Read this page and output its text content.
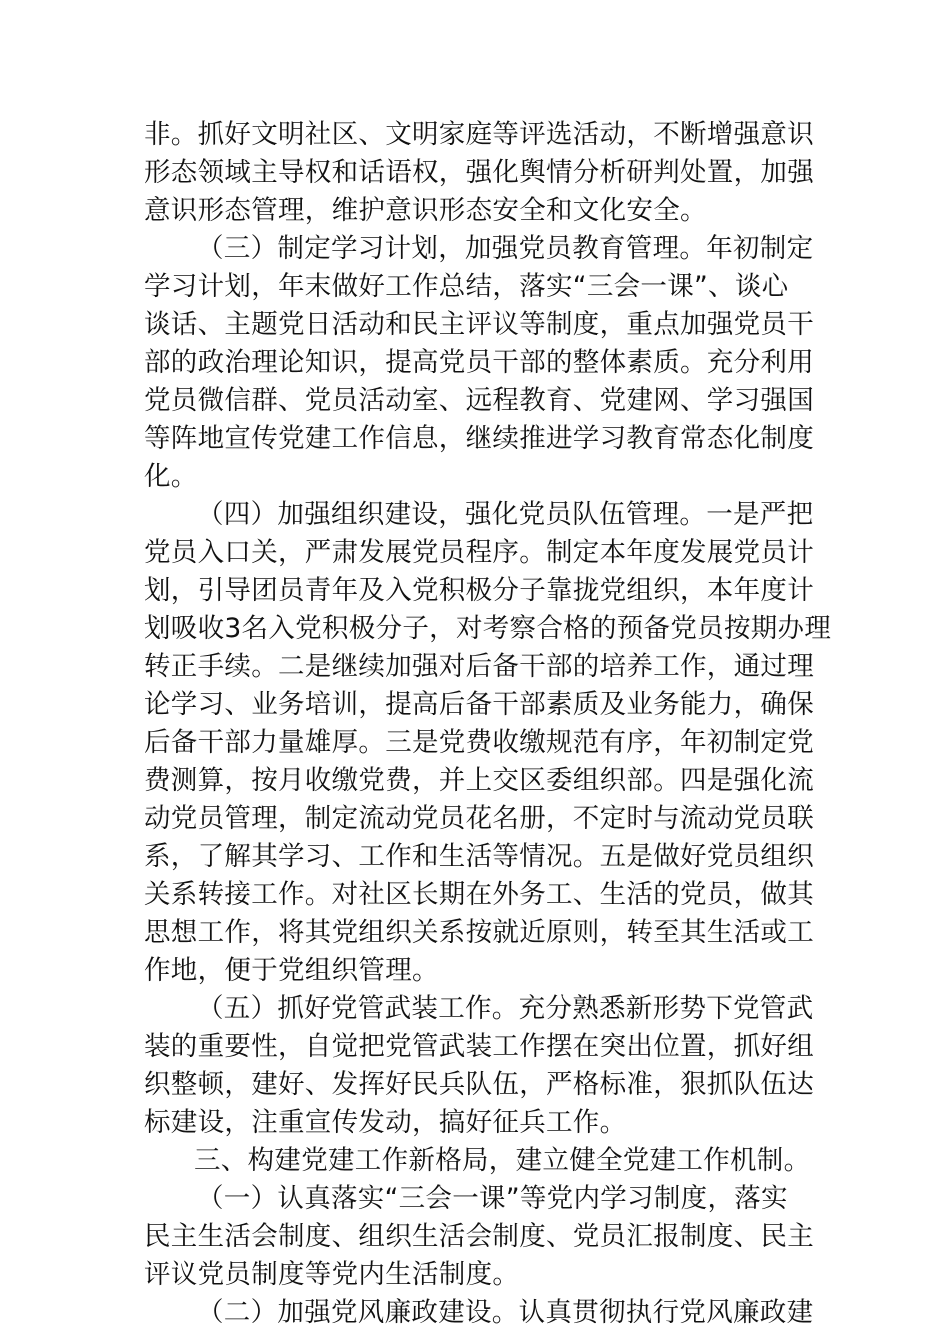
非。抓好文明社区、文明家庭等评选活动，不断增强意识
形态领域主导权和话语权，强化舆情分析研判处置，加强
意识形态管理，维护意识形态安全和文化安全。
（三）制定学习计划，加强党员教育管理。年初制定
学习计划，年末做好工作总结，落实“三会一课”、谈心
谈话、主题党日活动和民主评议等制度，重点加强党员干
部的政治理论知识，提高党员干部的整体素质。充分利用
党员微信群、党员活动室、远程教育、党建网、学习强国
等阵地宣传党建工作信息，继续推进学习教育常态化制度
化。
（四）加强组织建设，强化党员队伍管理。一是严把
党员入口关，严肃发展党员程序。制定本年度发展党员计
划，引导团员青年及入党积极分子靠拢党组织，本年度计
划吸收3名入党积极分子，对考察合格的预备党员按期办理
转正手续。二是继续加强对后备干部的培养工作，通过理
论学习、业务培训，提高后备干部素质及业务能力，确保
后备干部力量雄厚。三是党费收缴规范有序，年初制定党
费测算，按月收缴党费，并上交区委组织部。四是强化流
动党员管理，制定流动党员花名册，不定时与流动党员联
系，了解其学习、工作和生活等情况。五是做好党员组织
关系转接工作。对社区长期在外务工、生活的党员，做其
思想工作，将其党组织关系按就近原则，转至其生活或工
作地，便于党组织管理。
（五）抓好党管武装工作。充分熟悉新形势下党管武
装的重要性，自觉把党管武装工作摆在突出位置，抓好组
织整顿，建好、发挥好民兵队伍，严格标准，狠抓队伍达
标建设，注重宣传发动，搞好征兵工作。
三、构建党建工作新格局，建立健全党建工作机制。
（一）认真落实“三会一课”等党内学习制度，落实
民主生活会制度、组织生活会制度、党员汇报制度、民主
评议党员制度等党内生活制度。
（二）加强党风廉政建设。认真贯彻执行党风廉政建
